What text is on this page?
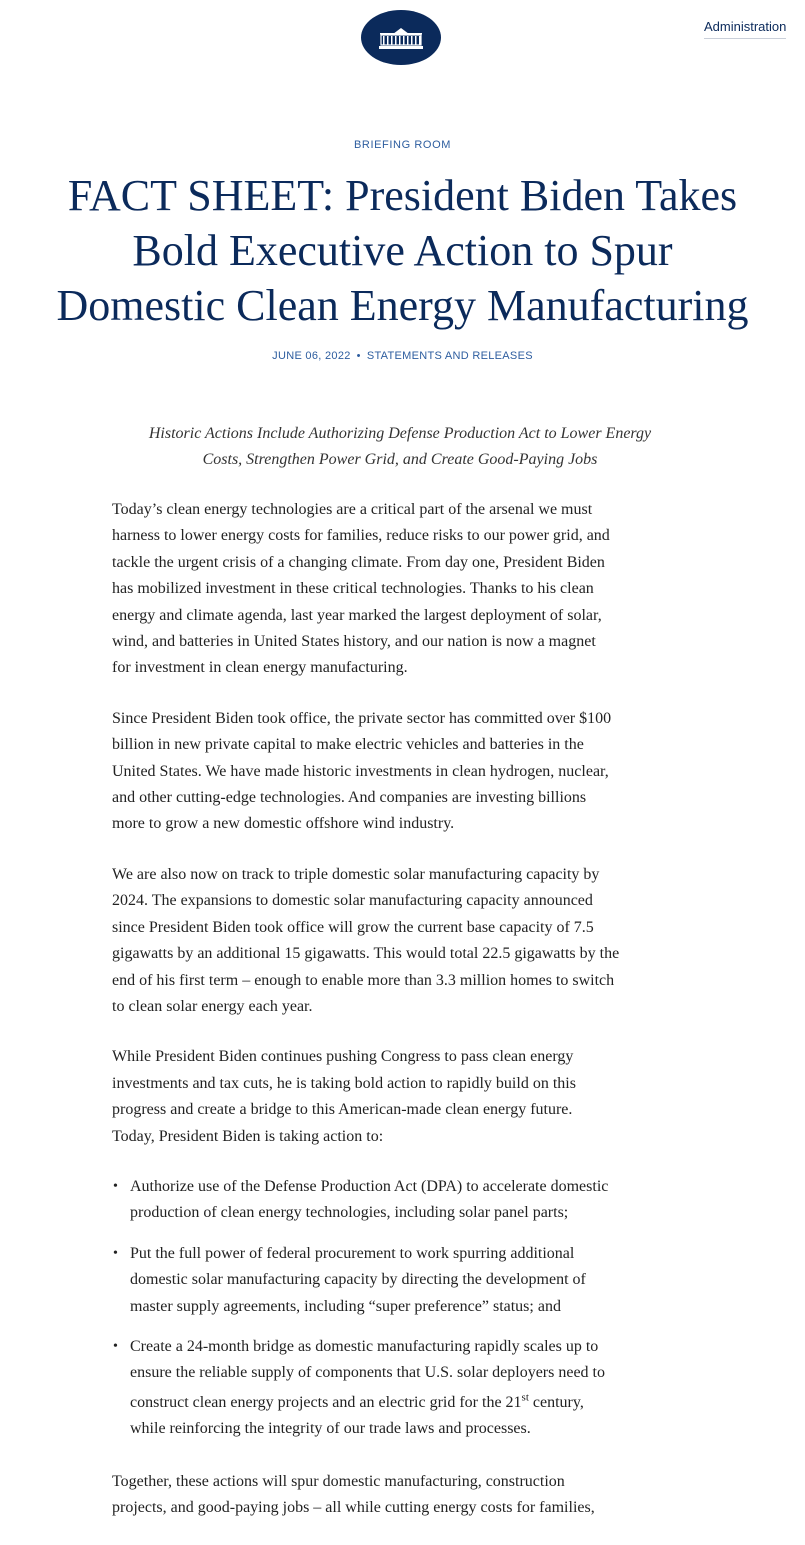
Administration
BRIEFING ROOM
FACT SHEET: President Biden Takes
Bold Executive Action to Spur
Domestic Clean Energy Manufacturing
JUNE 06, 2022 • STATEMENTS AND RELEASES
Historic Actions Include Authorizing Defense Production Act to Lower Energy
Costs, Strengthen Power Grid, and Create Good-Paying Jobs

Today’s clean energy technologies are a critical part of the arsenal we must
harness to lower energy costs for families, reduce risks to our power grid, and
tackle the urgent crisis of a changing climate. From day one, President Biden
has mobilized investment in these critical technologies. Thanks to his clean
energy and climate agenda, last year marked the largest deployment of solar,
wind, and batteries in United States history, and our nation is now a magnet
for investment in clean energy manufacturing.

Since President Biden took office, the private sector has committed over $100
billion in new private capital to make electric vehicles and batteries in the
United States. We have made historic investments in clean hydrogen, nuclear,
and other cutting-edge technologies. And companies are investing billions
more to grow a new domestic offshore wind industry.

We are also now on track to triple domestic solar manufacturing capacity by
2024. The expansions to domestic solar manufacturing capacity announced
since President Biden took office will grow the current base capacity of 7.5
gigawatts by an additional 15 gigawatts. This would total 22.5 gigawatts by the
end of his first term – enough to enable more than 3.3 million homes to switch
to clean solar energy each year.

While President Biden continues pushing Congress to pass clean energy
investments and tax cuts, he is taking bold action to rapidly build on this
progress and create a bridge to this American-made clean energy future.
Today, President Biden is taking action to:

• Authorize use of the Defense Production Act (DPA) to accelerate domestic
production of clean energy technologies, including solar panel parts;
• Put the full power of federal procurement to work spurring additional
domestic solar manufacturing capacity by directing the development of
master supply agreements, including “super preference” status; and
• Create a 24-month bridge as domestic manufacturing rapidly scales up to
ensure the reliable supply of components that U.S. solar deployers need to
construct clean energy projects and an electric grid for the 21st century,
while reinforcing the integrity of our trade laws and processes.

Together, these actions will spur domestic manufacturing, construction
projects, and good-paying jobs – all while cutting energy costs for families,
